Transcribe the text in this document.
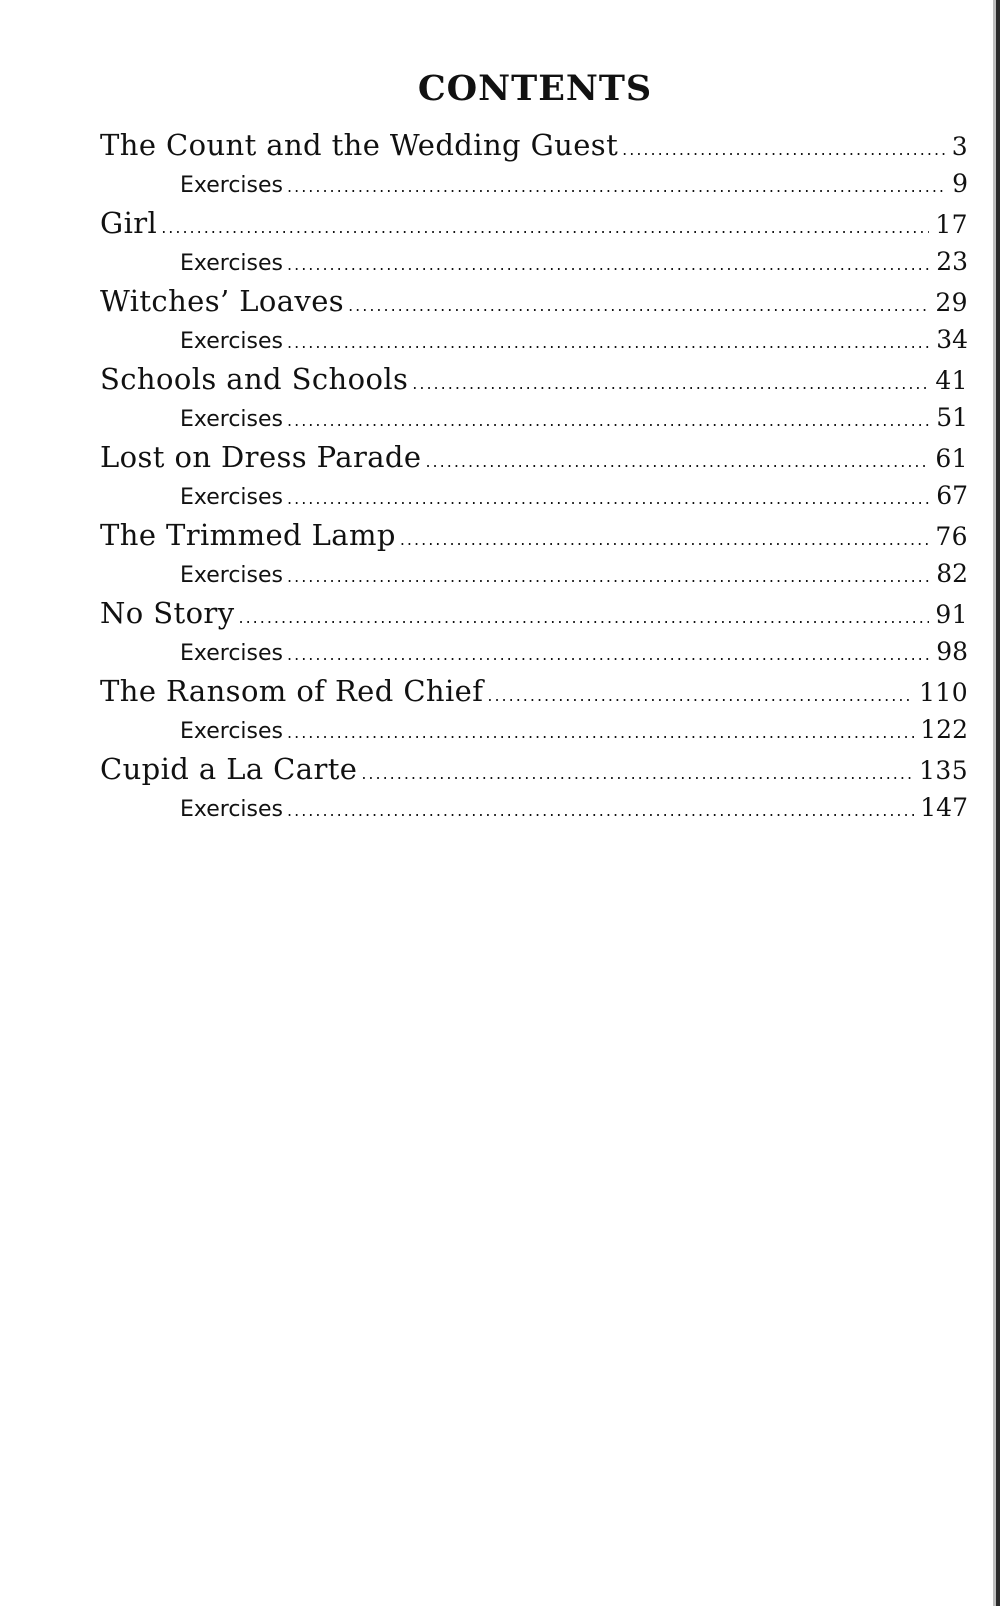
CONTENTS
The Count and the Wedding Guest .....	3
Exercises .....	9
Girl .....	17
Exercises .....	23
Witches’ Loaves .....	29
Exercises .....	34
Schools and Schools .....	41
Exercises .....	51
Lost on Dress Parade .....	61
Exercises .....	67
The Trimmed Lamp .....	76
Exercises .....	82
No Story .....	91
Exercises .....	98
The Ransom of Red Chief .....	110
Exercises .....	122
Cupid a La Carte .....	135
Exercises .....	147
